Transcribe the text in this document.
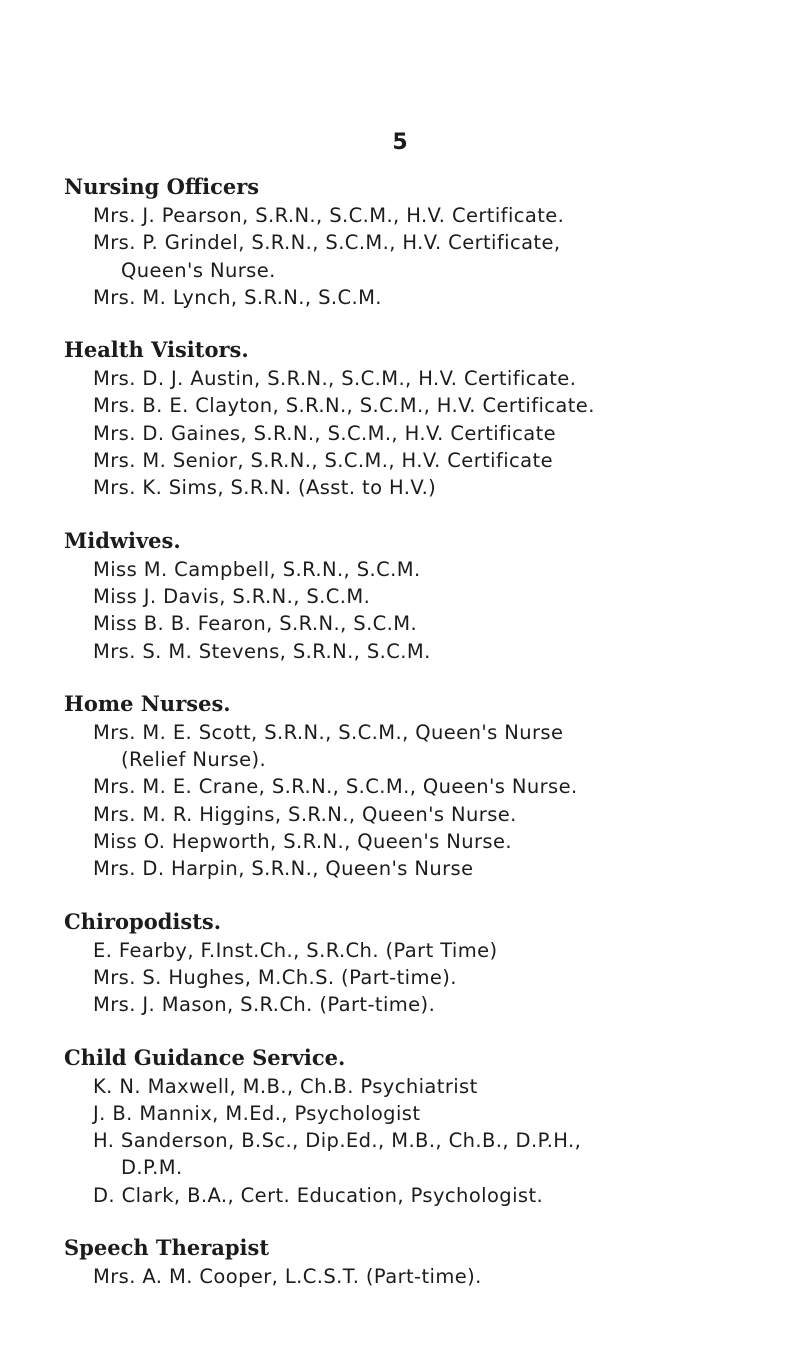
5
Nursing Officers
Mrs. J. Pearson, S.R.N., S.C.M., H.V. Certificate.
Mrs. P. Grindel, S.R.N., S.C.M., H.V. Certificate,
Queen's Nurse.
Mrs. M. Lynch, S.R.N., S.C.M.
Health Visitors.
Mrs. D. J. Austin, S.R.N., S.C.M., H.V. Certificate.
Mrs. B. E. Clayton, S.R.N., S.C.M., H.V. Certificate.
Mrs. D. Gaines, S.R.N., S.C.M., H.V. Certificate
Mrs. M. Senior, S.R.N., S.C.M., H.V. Certificate
Mrs. K. Sims, S.R.N. (Asst. to H.V.)
Midwives.
Miss M. Campbell, S.R.N., S.C.M.
Miss J. Davis, S.R.N., S.C.M.
Miss B. B. Fearon, S.R.N., S.C.M.
Mrs. S. M. Stevens, S.R.N., S.C.M.
Home Nurses.
Mrs. M. E. Scott, S.R.N., S.C.M., Queen's Nurse
(Relief Nurse).
Mrs. M. E. Crane, S.R.N., S.C.M., Queen's Nurse.
Mrs. M. R. Higgins, S.R.N., Queen's Nurse.
Miss O. Hepworth, S.R.N., Queen's Nurse.
Mrs. D. Harpin, S.R.N., Queen's Nurse
Chiropodists.
E. Fearby, F.Inst.Ch., S.R.Ch. (Part Time)
Mrs. S. Hughes, M.Ch.S. (Part-time).
Mrs. J. Mason, S.R.Ch. (Part-time).
Child Guidance Service.
K. N. Maxwell, M.B., Ch.B. Psychiatrist
J. B. Mannix, M.Ed., Psychologist
H. Sanderson, B.Sc., Dip.Ed., M.B., Ch.B., D.P.H.,
D.P.M.
D. Clark, B.A., Cert. Education, Psychologist.
Speech Therapist
Mrs. A. M. Cooper, L.C.S.T. (Part-time).
